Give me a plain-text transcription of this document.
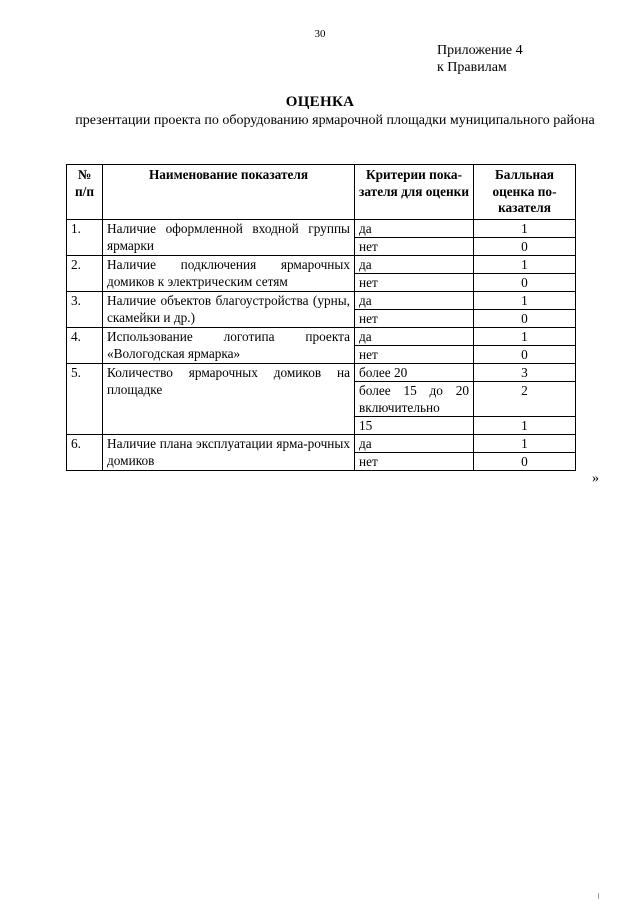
30
Приложение 4
к Правилам
ОЦЕНКА
презентации проекта по оборудованию ярмарочной площадки муниципального района
№ п/п	Наименование показателя	Критерии пока-зателя для оценки	Балльная оценка по-казателя
1.	Наличие оформленной входной группы ярмарки	да	1
		нет	0
2.	Наличие подключения ярмарочных домиков к электрическим сетям	да	1
		нет	0
3.	Наличие объектов благоустройства (урны, скамейки и др.)	да	1
		нет	0
4.	Использование логотипа проекта «Вологодская ярмарка»	да	1
		нет	0
5.	Количество ярмарочных домиков на площадке	более 20	3
		более 15 до 20 включительно	2
		15	1
6.	Наличие плана эксплуатации ярма-рочных домиков	да	1
		нет	0
»
